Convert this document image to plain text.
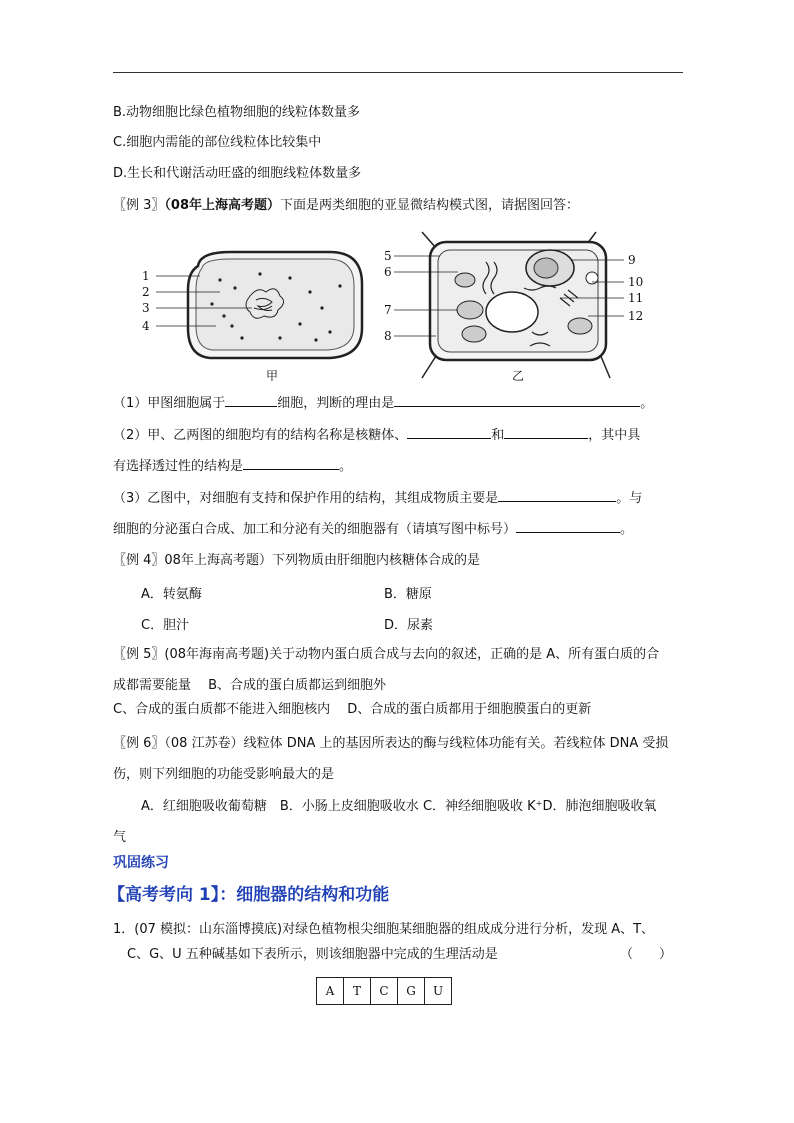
B.动物细胞比绿色植物细胞的线粒体数量多
C.细胞内需能的部位线粒体比较集中
D.生长和代谢活动旺盛的细胞线粒体数量多
〖例 3〗（08年上海高考题）下面是两类细胞的亚显微结构模式图，请据图回答：
1
2
3
4
甲
5
6
7
8
9
10
11
12
乙
（1）甲图细胞属于	细胞，判断的理由是	。
（2）甲、乙两图的细胞均有的结构名称是核糖体、	和	，其中具
有选择透过性的结构是	。
（3）乙图中，对细胞有支持和保护作用的结构，其组成物质主要是	。与
细胞的分泌蛋白合成、加工和分泌有关的细胞器有（请填写图中标号）	。
〖例 4〗08年上海高考题）下列物质由肝细胞内核糖体合成的是
A．转氨酶	B．糖原
C．胆汁	D．尿素
〖例 5〗(08年海南高考题)关于动物内蛋白质合成与去向的叙述，正确的是 A、所有蛋白质的合
成都需要能量　 B、合成的蛋白质都运到细胞外
C、合成的蛋白质都不能进入细胞核内　 D、合成的蛋白质都用于细胞膜蛋白的更新
〖例 6〗（08 江苏卷）线粒体 DNA 上的基因所表达的酶与线粒体功能有关。若线粒体 DNA 受损
伤，则下列细胞的功能受影响最大的是
A．红细胞吸收葡萄糖　B．小肠上皮细胞吸收水 C．神经细胞吸收 K⁺D．肺泡细胞吸收氧
气
巩固练习
【高考考向 1】：细胞器的结构和功能
1．(07 模拟：山东淄博摸底)对绿色植物根尖细胞某细胞器的组成成分进行分析，发现 A、T、
C、G、U 五种碱基如下表所示，则该细胞器中完成的生理活动是	（　　）
A	T	C	G	U
